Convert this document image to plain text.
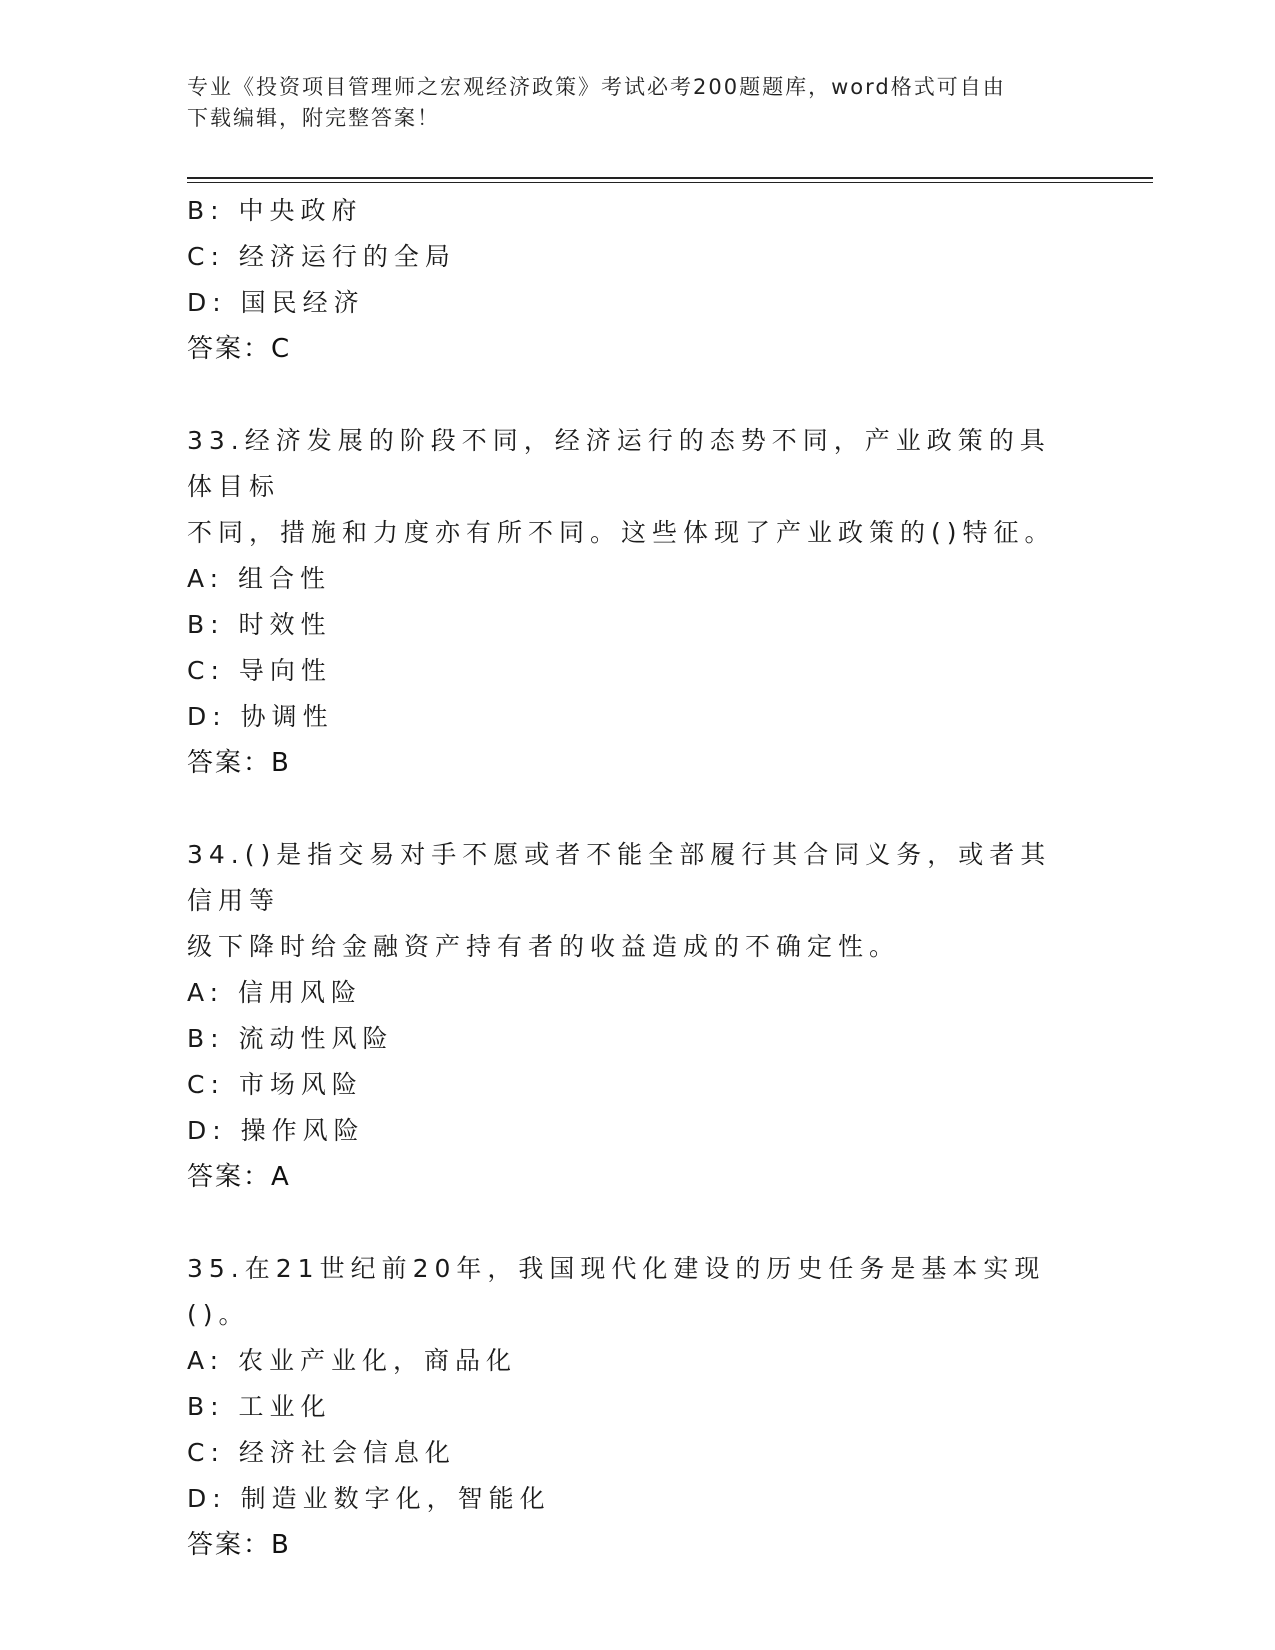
专业《投资项目管理师之宏观经济政策》考试必考200题题库，word格式可自由
下载编辑，附完整答案！
B: 中央政府
C: 经济运行的全局
D: 国民经济
答案：C
33.经济发展的阶段不同，经济运行的态势不同，产业政策的具体目标
不同，措施和力度亦有所不同。这些体现了产业政策的()特征。
A: 组合性
B: 时效性
C: 导向性
D: 协调性
答案：B
34.()是指交易对手不愿或者不能全部履行其合同义务，或者其信用等
级下降时给金融资产持有者的收益造成的不确定性。
A: 信用风险
B: 流动性风险
C: 市场风险
D: 操作风险
答案：A
35.在21世纪前20年，我国现代化建设的历史任务是基本实现()。
A: 农业产业化，商品化
B: 工业化
C: 经济社会信息化
D: 制造业数字化，智能化
答案：B
